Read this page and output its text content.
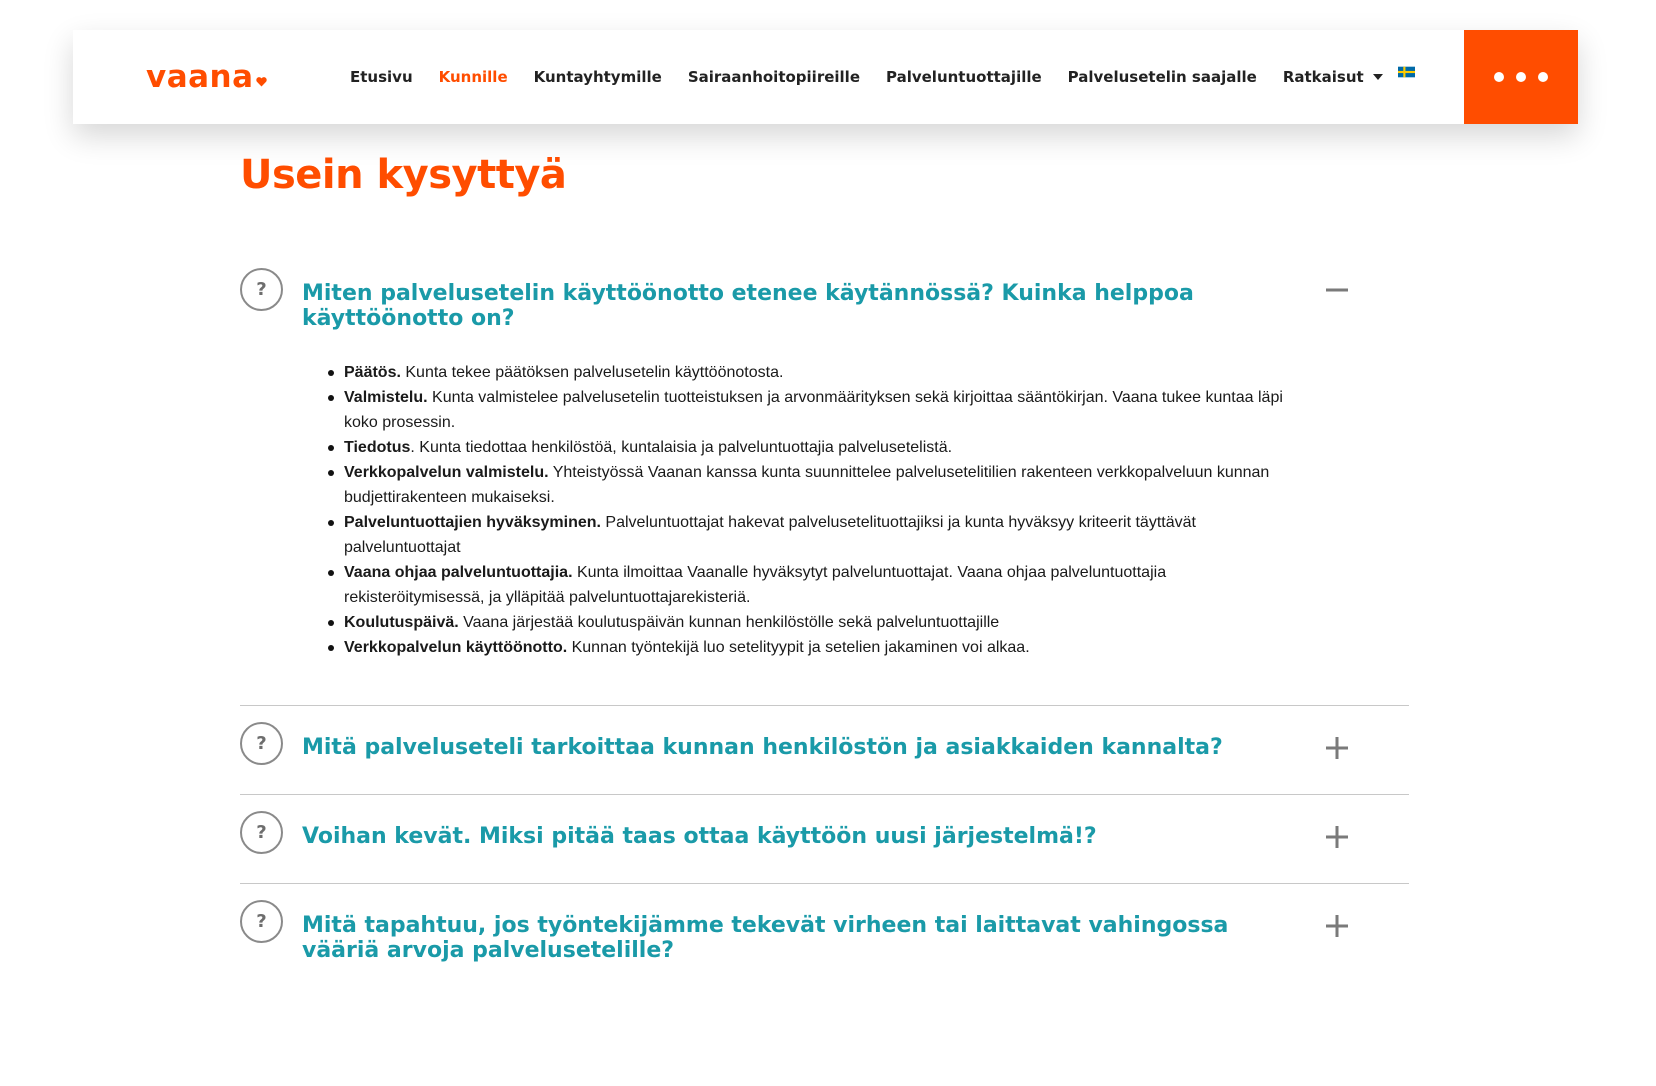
vaana	Etusivu Kunnille Kuntayhtymille Sairaanhoitopiireille Palveluntuottajille Palvelusetelin saajalle Ratkaisut
Usein kysyttyä
?	Miten palvelusetelin käyttöönotto etenee käytännössä? Kuinka helppoa käyttöönotto on?
Päätös. Kunta tekee päätöksen palvelusetelin käyttöönotosta.
Valmistelu. Kunta valmistelee palvelusetelin tuotteistuksen ja arvonmäärityksen sekä kirjoittaa sääntökirjan. Vaana tukee kuntaa läpi koko prosessin.
Tiedotus. Kunta tiedottaa henkilöstöä, kuntalaisia ja palveluntuottajia palvelusetelistä.
Verkkopalvelun valmistelu. Yhteistyössä Vaanan kanssa kunta suunnittelee palvelusetelitilien rakenteen verkkopalveluun kunnan budjettirakenteen mukaiseksi.
Palveluntuottajien hyväksyminen. Palveluntuottajat hakevat palvelusetelituottajiksi ja kunta hyväksyy kriteerit täyttävät palveluntuottajat
Vaana ohjaa palveluntuottajia. Kunta ilmoittaa Vaanalle hyväksytyt palveluntuottajat. Vaana ohjaa palveluntuottajia rekisteröitymisessä, ja ylläpitää palveluntuottajarekisteriä.
Koulutuspäivä. Vaana järjestää koulutuspäivän kunnan henkilöstölle sekä palveluntuottajille
Verkkopalvelun käyttöönotto. Kunnan työntekijä luo setelityypit ja setelien jakaminen voi alkaa.
?	Mitä palveluseteli tarkoittaa kunnan henkilöstön ja asiakkaiden kannalta?
?	Voihan kevät. Miksi pitää taas ottaa käyttöön uusi järjestelmä!?
?	Mitä tapahtuu, jos työntekijämme tekevät virheen tai laittavat vahingossa vääriä arvoja palvelusetelille?
